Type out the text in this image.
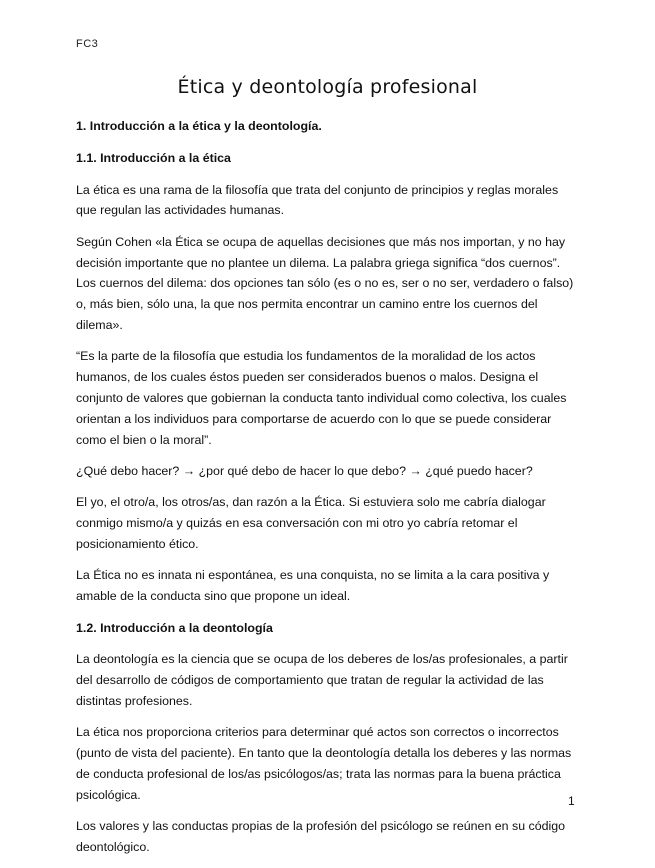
FC3
Ética y deontología profesional
1. Introducción a la ética y la deontología.
1.1. Introducción a la ética

La ética es una rama de la filosofía que trata del conjunto de principios y reglas morales que regulan las actividades humanas.

Según Cohen «la Ética se ocupa de aquellas decisiones que más nos importan, y no hay decisión importante que no plantee un dilema. La palabra griega significa “dos cuernos”. Los cuernos del dilema: dos opciones tan sólo (es o no es, ser o no ser, verdadero o falso) o, más bien, sólo una, la que nos permita encontrar un camino entre los cuernos del dilema».

“Es la parte de la filosofía que estudia los fundamentos de la moralidad de los actos humanos, de los cuales éstos pueden ser considerados buenos o malos. Designa el conjunto de valores que gobiernan la conducta tanto individual como colectiva, los cuales orientan a los individuos para comportarse de acuerdo con lo que se puede considerar como el bien o la moral”.

¿Qué debo hacer? → ¿por qué debo de hacer lo que debo? → ¿qué puedo hacer?

El yo, el otro/a, los otros/as, dan razón a la Ética. Si estuviera solo me cabría dialogar conmigo mismo/a y quizás en esa conversación con mi otro yo cabría retomar el posicionamiento ético.

La Ética no es innata ni espontánea, es una conquista, no se limita a la cara positiva y amable de la conducta sino que propone un ideal.

1.2. Introducción a la deontología

La deontología es la ciencia que se ocupa de los deberes de los/as profesionales, a partir del desarrollo de códigos de comportamiento que tratan de regular la actividad de las distintas profesiones.

La ética nos proporciona criterios para determinar qué actos son correctos o incorrectos (punto de vista del paciente). En tanto que la deontología detalla los deberes y las normas de conducta profesional de los/as psicólogos/as; trata las normas para la buena práctica psicológica.

Los valores y las conductas propias de la profesión del psicólogo se reúnen en su código deontológico.

1
